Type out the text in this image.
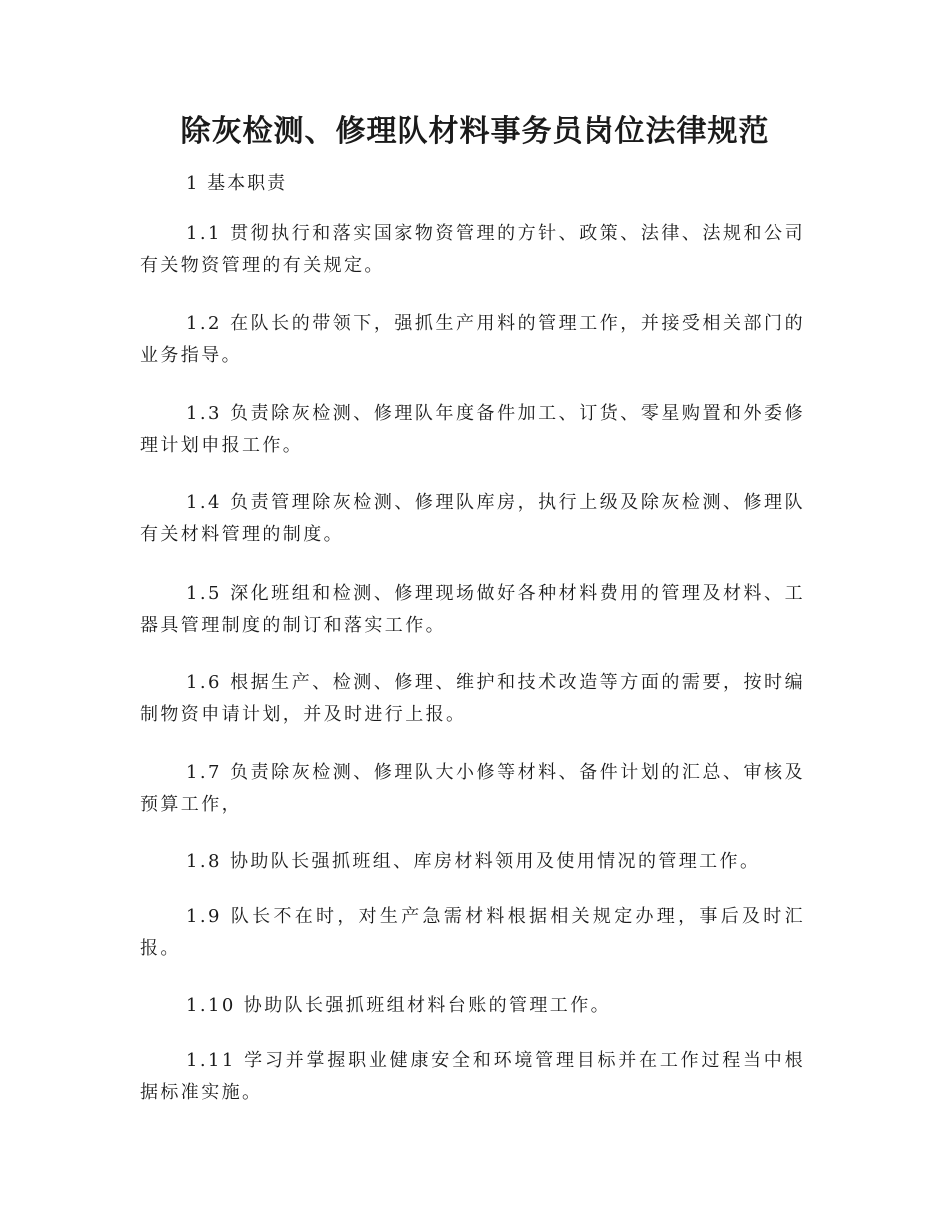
除灰检测、修理队材料事务员岗位法律规范

1 基本职责

1.1 贯彻执行和落实国家物资管理的方针、政策、法律、法规和公司有关物资管理的有关规定。

1.2 在队长的带领下，强抓生产用料的管理工作，并接受相关部门的业务指导。

1.3 负责除灰检测、修理队年度备件加工、订货、零星购置和外委修理计划申报工作。

1.4 负责管理除灰检测、修理队库房，执行上级及除灰检测、修理队有关材料管理的制度。

1.5 深化班组和检测、修理现场做好各种材料费用的管理及材料、工器具管理制度的制订和落实工作。

1.6 根据生产、检测、修理、维护和技术改造等方面的需要，按时编制物资申请计划，并及时进行上报。

1.7 负责除灰检测、修理队大小修等材料、备件计划的汇总、审核及预算工作，

1.8 协助队长强抓班组、库房材料领用及使用情况的管理工作。

1.9 队长不在时，对生产急需材料根据相关规定办理，事后及时汇报。

1.10 协助队长强抓班组材料台账的管理工作。

1.11 学习并掌握职业健康安全和环境管理目标并在工作过程当中根据标准实施。
